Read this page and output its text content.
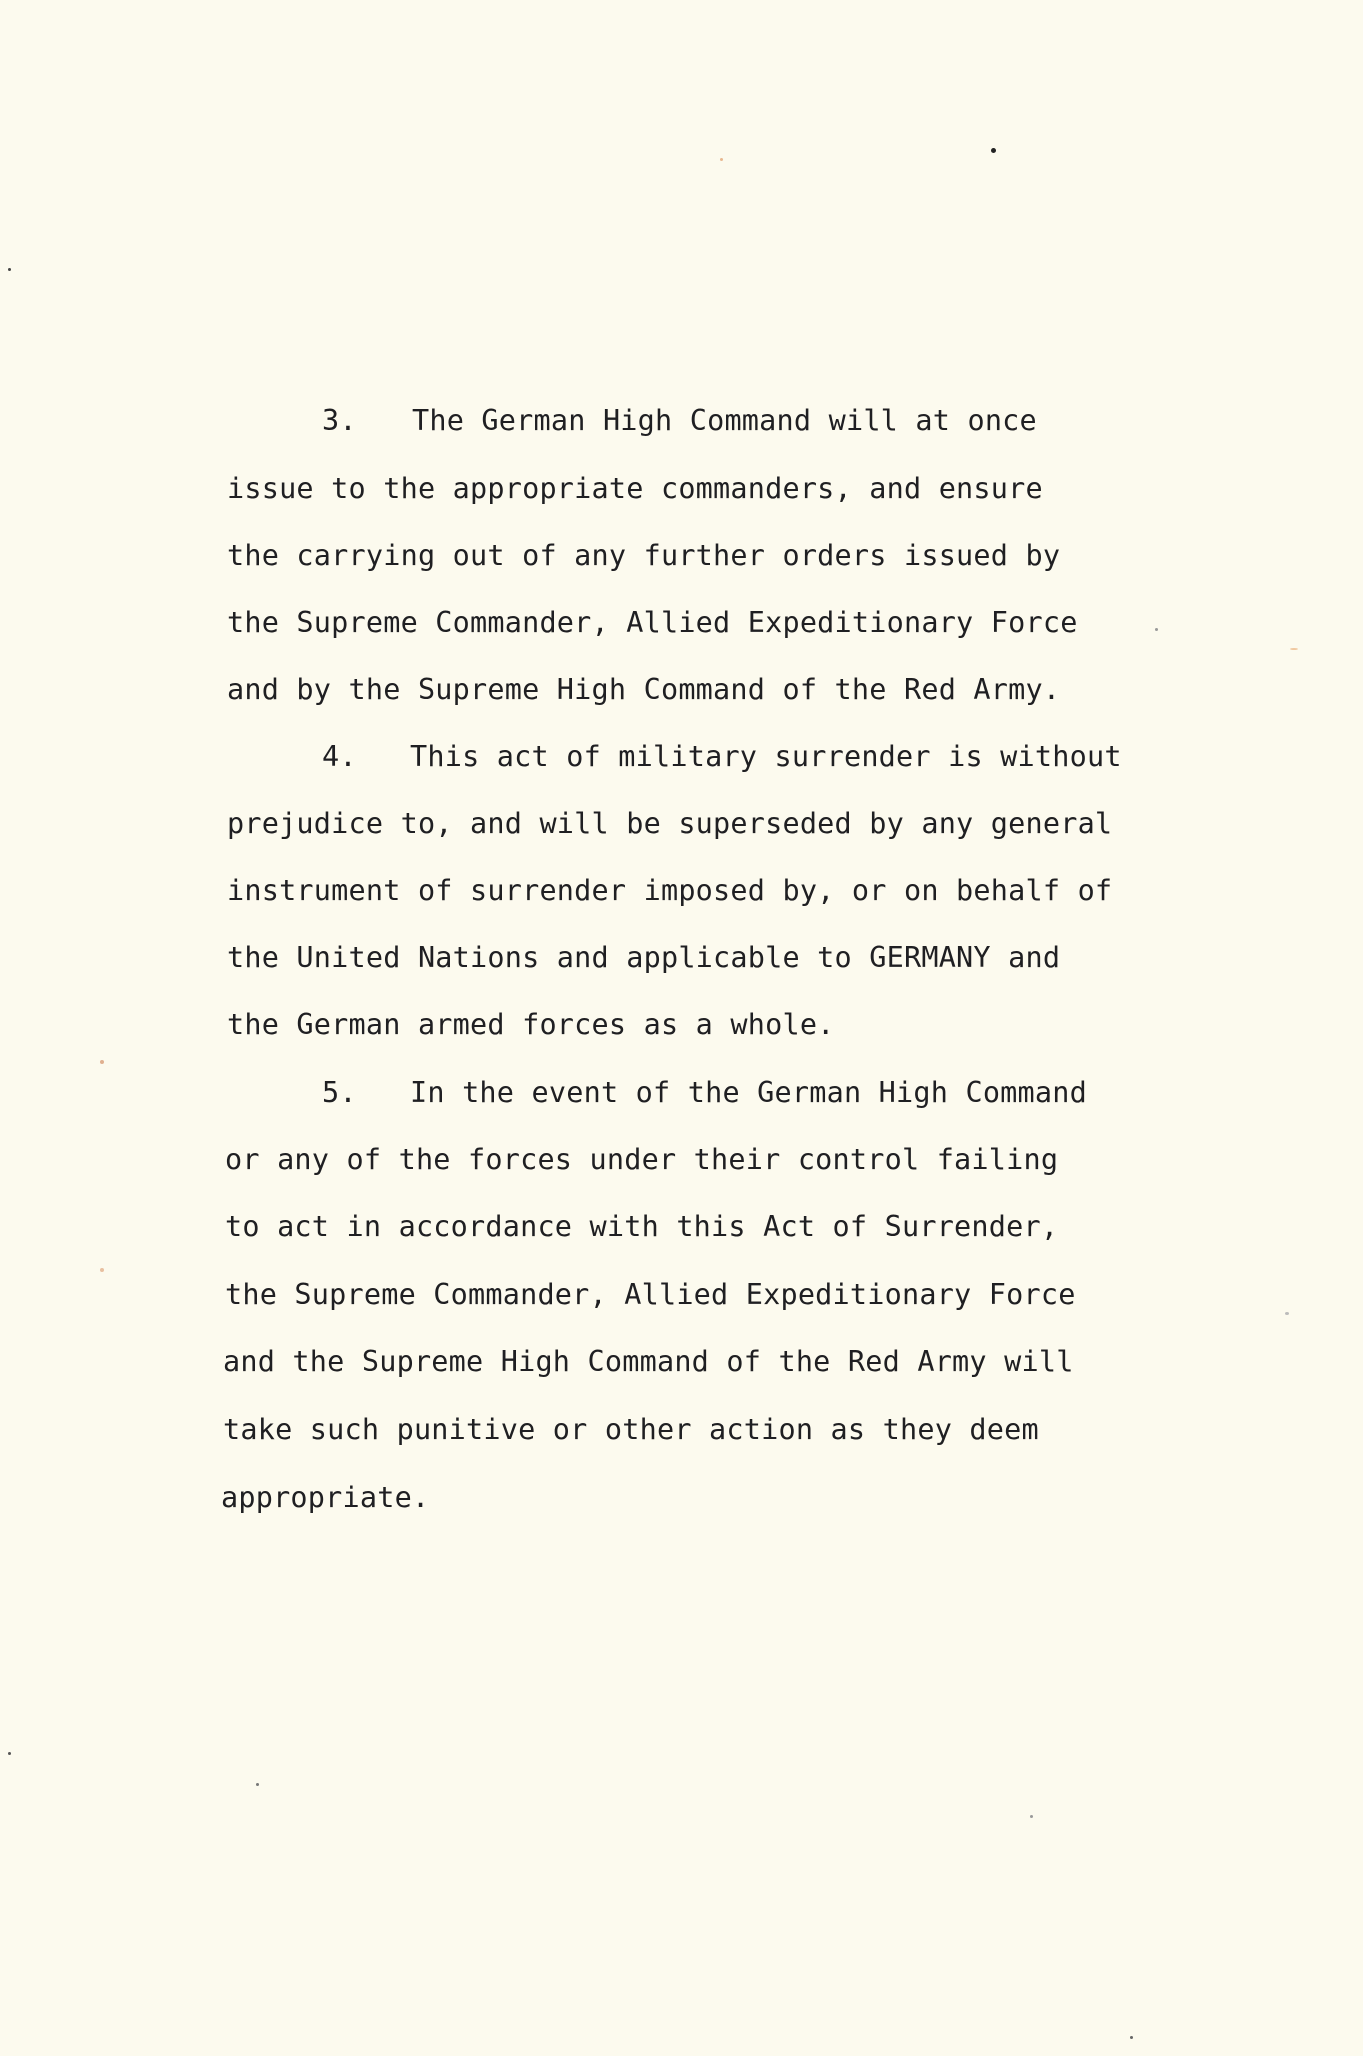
3. The German High Command will at once
issue to the appropriate commanders, and ensure
the carrying out of any further orders issued by
the Supreme Commander, Allied Expeditionary Force
and by the Supreme High Command of the Red Army.
4. This act of military surrender is without
prejudice to, and will be superseded by any general
instrument of surrender imposed by, or on behalf of
the United Nations and applicable to GERMANY and
the German armed forces as a whole.
5. In the event of the German High Command
or any of the forces under their control failing
to act in accordance with this Act of Surrender,
the Supreme Commander, Allied Expeditionary Force
and the Supreme High Command of the Red Army will
take such punitive or other action as they deem
appropriate.
